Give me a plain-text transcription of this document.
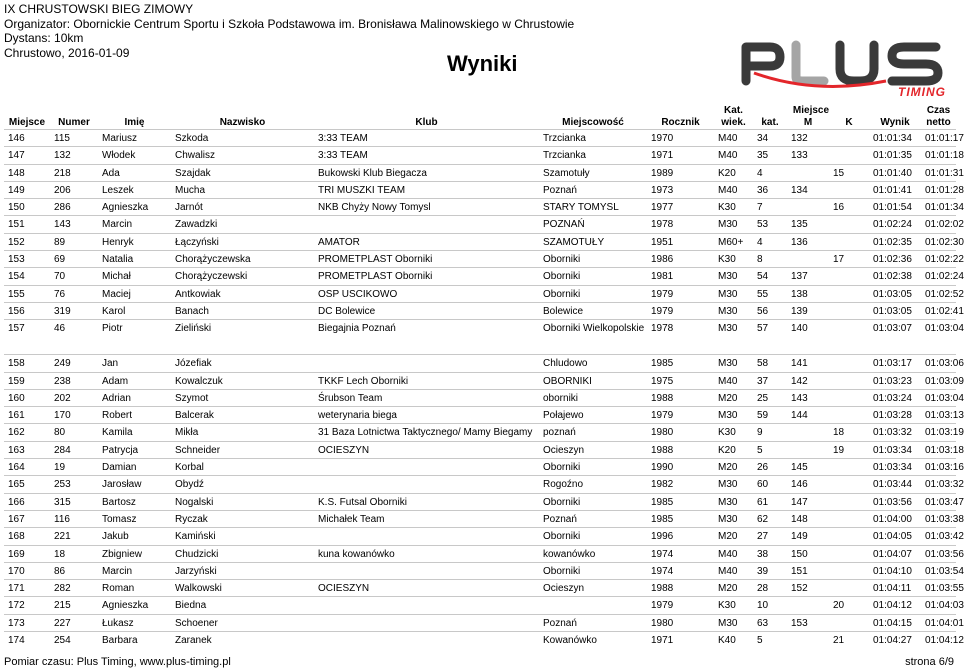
IX CHRUSTOWSKI BIEG ZIMOWY
Organizator: Obornickie Centrum Sportu i Szkoła Podstawowa im. Bronisława Malinowskiego w Chrustowie
Dystans: 10km
Chrustowo, 2016-01-09	Wyniki
TIMING
Miejsce	Numer	Imię	Nazwisko	Klub	Miejscowość	Rocznik	Kat.	Miejsce			Wynik	Czas netto
							wiek.	kat.	M	K		
146	115	Mariusz	Szkoda	3:33 TEAM	Trzcianka	1970	M40	34	132		01:01:34	01:01:17
147	132	Włodek	Chwalisz	3:33 TEAM	Trzcianka	1971	M40	35	133		01:01:35	01:01:18
148	218	Ada	Szajdak	Bukowski Klub Biegacza	Szamotuły	1989	K20	4		15	01:01:40	01:01:31
149	206	Leszek	Mucha	TRI MUSZKI TEAM	Poznań	1973	M40	36	134		01:01:41	01:01:28
150	286	Agnieszka	Jarnót	NKB Chyży Nowy Tomysl	STARY TOMYSL	1977	K30	7		16	01:01:54	01:01:34
151	143	Marcin	Zawadzki		POZNAŃ	1978	M30	53	135		01:02:24	01:02:02
152	89	Henryk	Łączyński	AMATOR	SZAMOTUŁY	1951	M60+	4	136		01:02:35	01:02:30
153	69	Natalia	Chorążyczewska	PROMETPLAST Oborniki	Oborniki	1986	K30	8		17	01:02:36	01:02:22
154	70	Michał	Chorążyczewski	PROMETPLAST Oborniki	Oborniki	1981	M30	54	137		01:02:38	01:02:24
155	76	Maciej	Antkowiak	OSP USCIKOWO	Oborniki	1979	M30	55	138		01:03:05	01:02:52
156	319	Karol	Banach	DC Bolewice	Bolewice	1979	M30	56	139		01:03:05	01:02:41
157	46	Piotr	Zieliński	Biegajnia Poznań	Oborniki Wielkopolskie	1978	M30	57	140		01:03:07	01:03:04
158	249	Jan	Józefiak		Chludowo	1985	M30	58	141		01:03:17	01:03:06
159	238	Adam	Kowalczuk	TKKF Lech Oborniki	OBORNIKI	1975	M40	37	142		01:03:23	01:03:09
160	202	Adrian	Szymot	Śrubson Team	oborniki	1988	M20	25	143		01:03:24	01:03:04
161	170	Robert	Balcerak	weterynaria biega	Połajewo	1979	M30	59	144		01:03:28	01:03:13
162	80	Kamila	Mikła	31 Baza Lotnictwa Taktycznego/ Mamy Biegamy	poznań	1980	K30	9		18	01:03:32	01:03:19
163	284	Patrycja	Schneider	OCIESZYN	Ocieszyn	1988	K20	5		19	01:03:34	01:03:18
164	19	Damian	Korbal		Oborniki	1990	M20	26	145		01:03:34	01:03:16
165	253	Jarosław	Obydź		Rogoźno	1982	M30	60	146		01:03:44	01:03:32
166	315	Bartosz	Nogalski	K.S. Futsal Oborniki	Oborniki	1985	M30	61	147		01:03:56	01:03:47
167	116	Tomasz	Ryczak	Michałek Team	Poznań	1985	M30	62	148		01:04:00	01:03:38
168	221	Jakub	Kamiński		Oborniki	1996	M20	27	149		01:04:05	01:03:42
169	18	Zbigniew	Chudzicki	kuna kowanówko	kowanówko	1974	M40	38	150		01:04:07	01:03:56
170	86	Marcin	Jarzyński		Oborniki	1974	M40	39	151		01:04:10	01:03:54
171	282	Roman	Walkowski	OCIESZYN	Ocieszyn	1988	M20	28	152		01:04:11	01:03:55
172	215	Agnieszka	Biedna			1979	K30	10		20	01:04:12	01:04:03
173	227	Łukasz	Schoener		Poznań	1980	M30	63	153		01:04:15	01:04:01
174	254	Barbara	Zaranek		Kowanówko	1971	K40	5		21	01:04:27	01:04:12
Pomiar czasu: Plus Timing, www.plus-timing.pl	strona 6/9
